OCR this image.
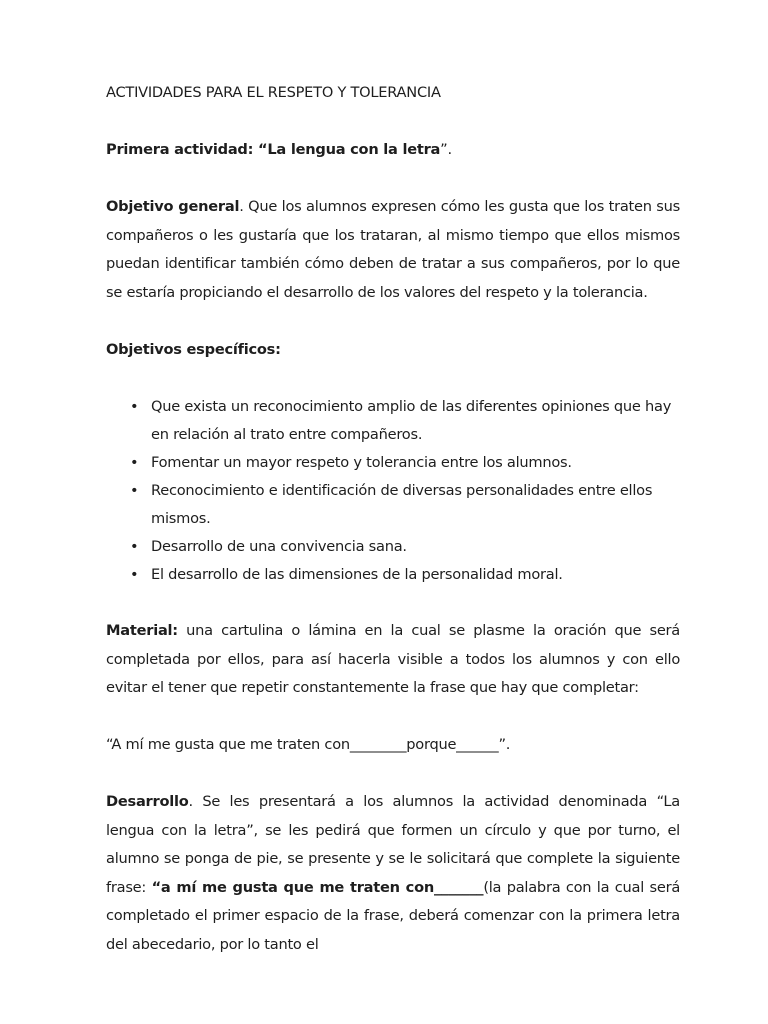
ACTIVIDADES PARA EL RESPETO Y TOLERANCIA

Primera actividad: “La lengua con la letra”.

Objetivo general. Que los alumnos expresen cómo les gusta que los traten sus compañeros o les gustaría que los trataran, al mismo tiempo que ellos mismos puedan identificar también cómo deben de tratar a sus compañeros, por lo que se estaría propiciando el desarrollo de los valores del respeto y la tolerancia.

Objetivos específicos:

• Que exista un reconocimiento amplio de las diferentes opiniones que hay en relación al trato entre compañeros.
• Fomentar un mayor respeto y tolerancia entre los alumnos.
• Reconocimiento e identificación de diversas personalidades entre ellos mismos.
• Desarrollo de una convivencia sana.
• El desarrollo de las dimensiones de la personalidad moral.

Material: una cartulina o lámina en la cual se plasme la oración que será completada por ellos, para así hacerla visible a todos los alumnos y con ello evitar el tener que repetir constantemente la frase que hay que completar:

“A mí me gusta que me traten con________porque______”.

Desarrollo. Se les presentará a los alumnos la actividad denominada “La lengua con la letra”, se les pedirá que formen un círculo y que por turno, el alumno se ponga de pie, se presente y se le solicitará que complete la siguiente frase: “a mí me gusta que me traten con_______(la palabra con la cual será completado el primer espacio de la frase, deberá comenzar con la primera letra del abecedario, por lo tanto el
